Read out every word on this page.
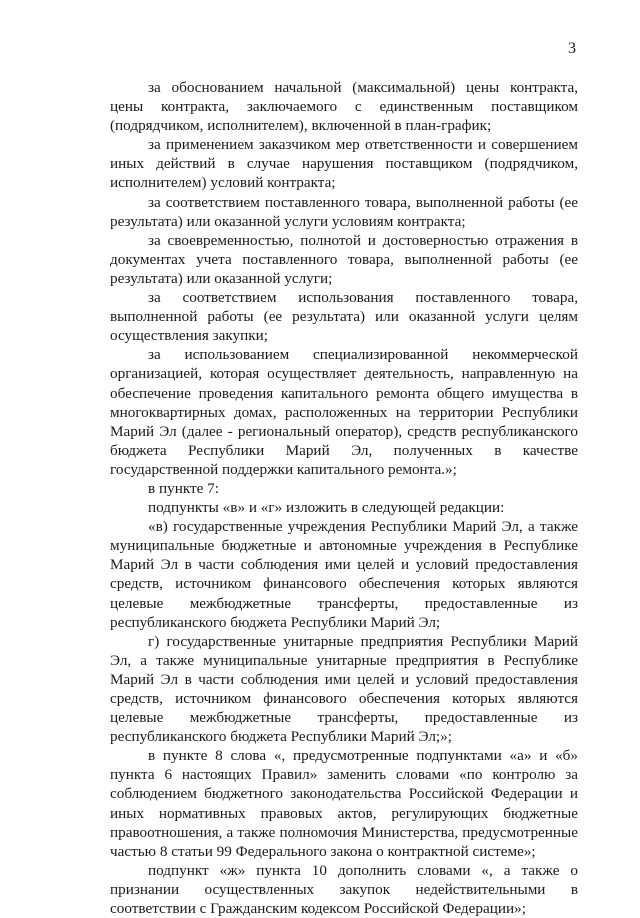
3

за обоснованием начальной (максимальной) цены контракта, цены контракта, заключаемого с единственным поставщиком (подрядчиком, исполнителем), включенной в план-график;

за применением заказчиком мер ответственности и совершением иных действий в случае нарушения поставщиком (подрядчиком, исполнителем) условий контракта;

за соответствием поставленного товара, выполненной работы (ее результата) или оказанной услуги условиям контракта;

за своевременностью, полнотой и достоверностью отражения в документах учета поставленного товара, выполненной работы (ее результата) или оказанной услуги;

за соответствием использования поставленного товара, выполненной работы (ее результата) или оказанной услуги целям осуществления закупки;

за использованием специализированной некоммерческой организацией, которая осуществляет деятельность, направленную на обеспечение проведения капитального ремонта общего имущества в многоквартирных домах, расположенных на территории Республики Марий Эл (далее - региональный оператор), средств республиканского бюджета Республики Марий Эл, полученных в качестве государственной поддержки капитального ремонта.»;

в пункте 7:

подпункты «в» и «г» изложить в следующей редакции:

«в) государственные учреждения Республики Марий Эл, а также муниципальные бюджетные и автономные учреждения в Республике Марий Эл в части соблюдения ими целей и условий предоставления средств, источником финансового обеспечения которых являются целевые межбюджетные трансферты, предоставленные из республиканского бюджета Республики Марий Эл;

г) государственные унитарные предприятия Республики Марий Эл, а также муниципальные унитарные предприятия в Республике Марий Эл в части соблюдения ими целей и условий предоставления средств, источником финансового обеспечения которых являются целевые межбюджетные трансферты, предоставленные из республиканского бюджета Республики Марий Эл;»;

в пункте 8 слова «, предусмотренные подпунктами «а» и «б» пункта 6 настоящих Правил» заменить словами «по контролю за соблюдением бюджетного законодательства Российской Федерации и иных нормативных правовых актов, регулирующих бюджетные правоотношения, а также полномочия Министерства, предусмотренные частью 8 статьи 99 Федерального закона о контрактной системе»;

подпункт «ж» пункта 10 дополнить словами «, а также о признании осуществленных закупок недействительными в соответствии с Гражданским кодексом Российской Федерации»;
